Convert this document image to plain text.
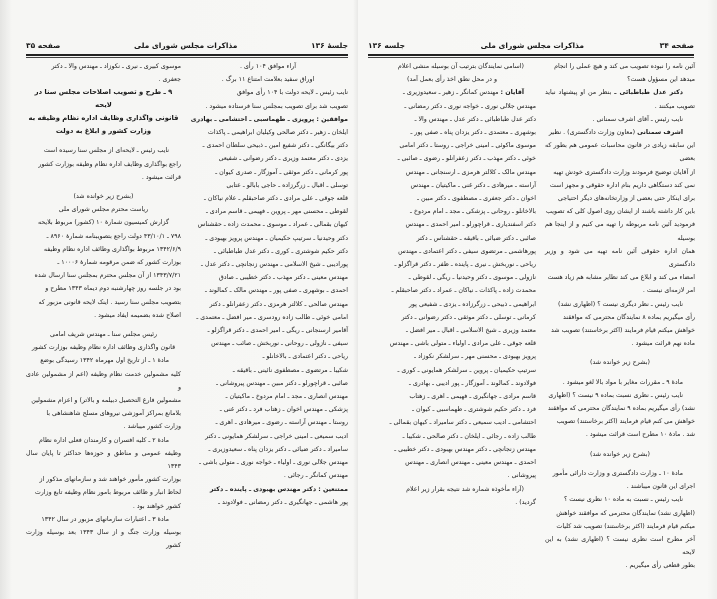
جلسهٔ ۱۳۶
مذاکرات مجلس شورای ملی
صفحه ۳۵

آراء موافق ۱۰۴ رأی .

اوراق سفید بعلامت امتناع ۱۱ برگ .

نایب رئیس ـ لایحه دولت با ۱۰۴ رأی موافق

تصویب شد برای تصویب بمجلس سنا فرستاده میشود .

موافقین : پرویزی ـ طهماسبی ـ احتشامی ـ بهادری

ایلخان ـ زهیر ـ دکتر صالحی وکیلیان ابراهیمی ـ پاکذات

دکتر بیگانگی ـ دکتر شفیع امین ـ ذبیحی سلطان احمدی ـ

یزدی ـ دکتر معتمد وزیری ـ دکتر رضوانی ـ شفیعی

پور کرمانی ـ دکتر موثقی ـ آموزگار ـ صدری کیوان ـ

توسلی ـ اقبال ـ زرگرزاده ـ حاجی بابالو ـ عتابی

قلعه جوقی ـ علی مرادی ـ دکتر صاحبقلم ـ علام نیاکان ـ

لقوطی ـ محسنی مهر ـ پروین ـ فهیمی ـ قاسم مرادی ـ

کیهان بقمالی ـ عمراد ـ موسوی ـ محمدت زاده ـ حقشناس

دکتر وحیدنیا ـ سرتیپ حکیمیان ـ مهندس پرویز بهبودی ـ

دکتر حکیم شوشتری ـ کوری ـ دکتر عدل طباطبائی ـ

پورادیبی ـ شیخ الاسلامی ـ مهندس زنجانچی ـ دکتر عدل ـ

مهندس معینی ـ دکتر مهذب ـ دکتر خطیبی ـ صادق

احمدی ـ بوشهری ـ صفی پور ـ مهندس مالک ـ کمالوند ـ

مهندس صالحی ـ کلالتر هرمزی ـ دکتر زعفرانلو ـ دکتر

امامی خوئی ـ طالب زاده رودسری ـ میر افضل ـ معتمدی ـ

آقامیر ارسنجانی ـ ریگی ـ امیر احمدی ـ دکتر قراگزلو ـ

سیفی ـ نازولی ـ روحانی ـ نوربخش ـ صائب ـ مهندس

ریاحی ـ دکتر اعتمادی ـ بالاخانلو ـ

شکیبا ـ مرتضوی ـ مصطفوی نائینی ـ باقیقه ـ

صائبی ـ قراچورلو ـ دکتر مبین ـ مهندس پیروشانی ـ

مهندس انصاری ـ مجد ـ امام مردوخ ـ ماکیتیان ـ

پزشکی ـ مهندس اخوان ـ زهتاب فرد ـ دکتر غنی ـ

روستا ـ مهندس آراسته ـ رضوی ـ میرهادی ـ اهری ـ

ادیب سمیعی ـ امینی خراجی ـ سرلشکر همایونی ـ دکتر

سامیراد ـ دکتر ضیائی ـ دکتر یزدان پناه ـ سعیدوزیری ـ

مهندس جلالی نوری ـ اولیاء ـ خواجه نوری ـ متولی باشی ـ

مهندس کمانگر ـ رجائی .

ممتنعین : دکتر مهندس بهبودی ـ پاینده ـ دکتر

پور هاشمی ـ جهانگیری ـ دکتر رمضانی ـ فولادوند ـ

موسوی کبیری ـ نیری ـ نکوزاد ـ مهندس والا ـ دکتر

جعفری .

۹ ـ طرح و تصویب اصلاحات مجلس سنا در لایحه

قانونی واگذاری وظایف اداره نظام وظیفه به

وزارت کشور و ابلاغ به دولت

نایب رئیس ـ لایحه‌ای از مجلس سنا رسیده است

راجع بواگذاری وظایف اداره نظام وظیفه بوزارت کشور

قرائت میشود .

(بشرح زیر خوانده شد)

ریاست محترم مجلس شورای ملی

گزارش کمیسیون شمارهٔ ۱۰ (کشور) مربوط بلایحه

۷۹۸ ـ ۴۳/۱۰/۱ دولت راجع بتصویبنامه شمارهٔ ۸۹۶۰ ـ

۱۳۴۲/۶/۹ مربوط بواگذاری وظائف اداره نظام وظیفه

بوزارت کشور که ضمن مرقومه شمارهٔ ۱۰۰۰۶ ـ

۱۳۴۳/۷/۲۱ از آن مجلس محترم بمجلس سنا ارسال شده

بود در جلسه روز چهارشنبه دوم دیماه ۱۳۴۳ مطرح و

بتصویب مجلس سنا رسید . اینک لایحه قانونی مزبور که

اصلاح شده بضمیمه ایفاد میشود .

رئیس مجلس سنا ـ مهندس شریف امامی

قانون واگذاری وظائف اداره نظام وظیفه بوزارت کشور

مادهٔ ۱ ـ از تاریخ اول مهرماه ۱۳۴۲ رسیدگی بوضع

کلیه مشمولین خدمت نظام وظیفه (اعم از مشمولین عادی و

مشمولین فارغ التحصیل دبیلمه و بالاتر) و اعزام مشمولین

بلامانع بمراکز آموزشی نیروهای مسلح شاهنشاهی با

وزارت کشور میباشد .

مادهٔ ۲ ـ کلیه افسران و کارمندان فعلی اداره نظام

وظیفه عمومی و مناطق و حوزه‌ها حداکثر تا پایان سال ۱۳۴۳

بوزارت کشور مأمور خواهند شد و سازمانهای مذکور از

لحاظ انبار و ظائف مربوط بامور نظام وظیفه تابع وزارت

کشور خواهند بود .

مادهٔ ۳ ـ اعتبارات سازمانهای مزبور در سال ۱۳۴۲

بوسیله وزارت جنگ و از سال ۱۳۴۳ بعد بوسیله وزارت کشور

صفحه ۳۴
مذاکرات مجلس شورای ملی
جلسه ۱۳۶

آئین نامه را نبوده تصویب می کند و هیچ عملی را انجام

میدهد این مسؤول هست؟

دکتر عدل طباطبائی ـ بنظر من او پیشنهاد نباید تصویب میکنند .

نایب رئیس ـ آقای اشرف سمنانی .

اشرف سمنانی (معاون وزارت دادگستری) . نظیر

این سابقه زیادی در قانون محاسبات عمومی هم بطور که بعضی

از آقایان توضیح فرمودند وزارت دادگستری خودش تهیه

نمی کند دستگاهی داریم بنام اداره حقوقی و مجهز است

برای اینکار حتی بعضی از وزارتخانه‌های دیگر احتیاجی

باین کار داشته باشند از ایشان روی اصول کلی که تصویب

فرمودید آئین نامه مربوطه را تهیه می کنیم و از اینجا هم بوسیله

همان اداره حقوقی آئین نامه تهیه می شود و وزیر دادگستری

امضاء می کند و ابلاغ می کند نظایر مشابه هم زیاد هست

امر لازمه‌ای نیست .

نایب رئیس ـ نظر دیگری نیست ؟ (اظهاری نشد)

رأی میگیریم بماده ۸ نمایندگان محترمی که موافقند

خواهش میکنم قیام فرمایند (اکثر برخاستند) تصویب شد

ماده نهم قرائت میشود .

(بشرح زیر خوانده شد)

مادهٔ ۹ ـ مقررات مغایر با مواد بالا لغو میشود .

نایب رئیس ـ نظری نسبت بماده ۹ نیست ؟ (اظهاری

نشد) رأی میگیریم بماده ۹ نمایندگان محترمی که موافقند

خواهش می کنم قیام فرمایند (اکثر برخاستند) تصویب

شد . مادهٔ ۱۰ مطرح است قرائت میشود .

(بشرح زیر خوانده شد)

مادهٔ ۱۰ ـ وزارت دادگستری و وزارت دارائی مأمور

اجرای این قانون میباشند .

نایب رئیس ـ نسبت به ماده ۱۰ نظری نیست ؟

(اظهاری نشد) نمایندگان محترمی که موافقند خواهش

میکنم قیام فرمایند (اکثر برخاستند) تصویب شد کلیات

آخر مطرح است نظری نیست ؟ (اظهاری نشد) به این لایحه

بطور قطعی رأی میگیریم .

(اسامی نمایندگان بترتیب آن بوسیله منشی اعلام

و در محل نطق اخذ رأی بعمل آمد)

آقایان : مهندس کمانگر ـ زهیر ـ سعیدوزیری ـ

مهندس جلالی نوری ـ خواجه نوری ـ دکتر رمضانی ـ

دکتر عدل طباطبائی ـ دکتر عدل ـ مهندس والا ـ

بوشهری ـ معتمدی ـ دکتر یزدان پناه ـ صفی پور ـ

موسوی ماکوئی ـ امینی خراجی ـ روستا ـ دکتر امامی

خوئی ـ دکتر مهذب ـ دکتر زعفرانلو ـ رضوی ـ صائبی ـ

مهندس مالک ـ کلالتر هرمزی ـ ارسنجانی ـ مهندس

آراسته ـ میرهادی ـ دکتر غنی ـ ماکیتیان ـ مهندس

اخوان ـ دکتر جعفری ـ مصطفوی ـ دکتر مبین ـ

بالاخانلو ـ روحانی ـ پزشکی ـ مجد ـ امام مردوخ ـ

دکتر اسفندیاری ـ قراچورلو ـ امیر احمدی ـ مهندس

صائبی ـ دکتر ضیائی ـ باقیقه ـ حقشناس ـ دکتر

پورهاشمی ـ مرتضوی سیفی ـ دکتر اعتمادی ـ مهندس

ریاحی ـ نوربخش ـ نیری ـ پاینده ـ ظفر ـ دکتر قراگزلو ـ

نازولی ـ موسوی ـ دکتر وحیدنیا ـ ریگی ـ لقوطی ـ

محمدت زاده ـ پاکذات ـ نیاکان ـ عمراد ـ دکتر صاحبقلم ـ

ابراهیمی ـ ذبیحی ـ زرگرزاده ـ یزدی ـ شفیعی پور

کرمانی ـ توسلی ـ دکتر موثقی ـ دکتر رضوانی ـ دکتر

معتمد وزیری ـ شیخ الاسلامی ـ اقبال ـ میر افضل ـ

قلعه جوقی ـ علی مرادی ـ اولیاء ـ متولی باشی ـ مهندس

پرویز بهبودی ـ محسنی مهر ـ سرلشکر نکوزاد ـ

سرتیپ حکیمیان ـ پروین ـ سرلشکر همایونی ـ کوری ـ

فولادوند ـ کمالوند ـ آموزگار ـ پور ادیبی ـ بهادری ـ

قاسم مرادی ـ جهانگیری ـ فهیمی ـ اهری ـ زهتاب

فرد ـ دکتر حکیم شوشتری ـ طهماسبی ـ کیوان ـ

احتشامی ـ ادیب سمیعی ـ دکتر سامیراد ـ کیهان بقمالی ـ

طالب زاده ـ رجائی ـ ایلخان ـ دکتر صالحی ـ شکیبا ـ

مهندس زنجانچی ـ دکتر مهندس بهبودی ـ دکتر خطیبی ـ

احمدی ـ مهندس معینی ـ مهندس انصاری ـ مهندس

پیروشانی .

(آراء مأخوذه شماره شد نتیجه بقرار زیر اعلام

گردید) .
